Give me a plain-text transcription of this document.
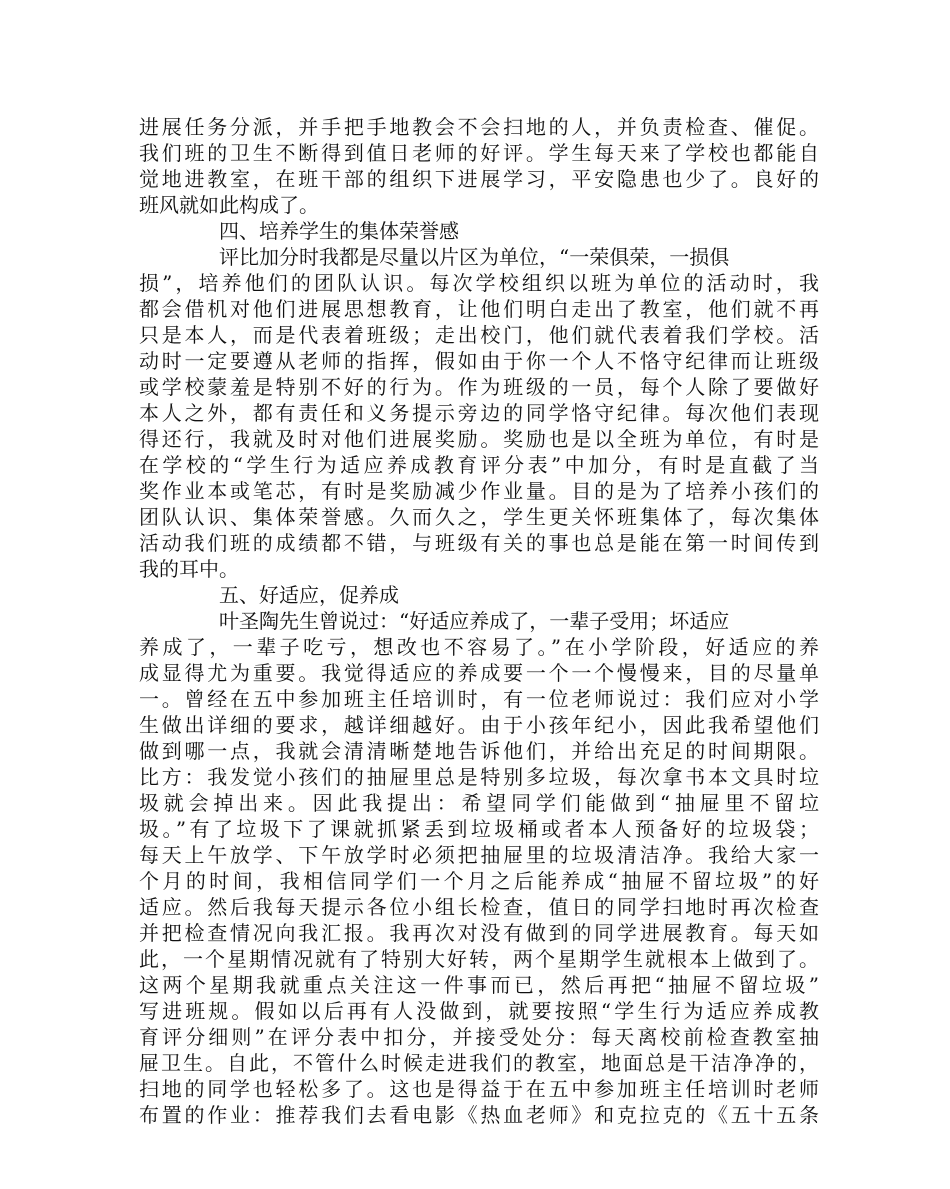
进展任务分派，并手把手地教会不会扫地的人，并负责检查、催促。
我们班的卫生不断得到值日老师的好评。学生每天来了学校也都能自
觉地进教室，在班干部的组织下进展学习，平安隐患也少了。良好的
班风就如此构成了。
四、培养学生的集体荣誉感
评比加分时我都是尽量以片区为单位，“一荣俱荣，一损俱
损”，培养他们的团队认识。每次学校组织以班为单位的活动时，我
都会借机对他们进展思想教育，让他们明白走出了教室，他们就不再
只是本人，而是代表着班级；走出校门，他们就代表着我们学校。活
动时一定要遵从老师的指挥，假如由于你一个人不恪守纪律而让班级
或学校蒙羞是特别不好的行为。作为班级的一员，每个人除了要做好
本人之外，都有责任和义务提示旁边的同学恪守纪律。每次他们表现
得还行，我就及时对他们进展奖励。奖励也是以全班为单位，有时是
在学校的“学生行为适应养成教育评分表”中加分，有时是直截了当
奖作业本或笔芯，有时是奖励减少作业量。目的是为了培养小孩们的
团队认识、集体荣誉感。久而久之，学生更关怀班集体了，每次集体
活动我们班的成绩都不错，与班级有关的事也总是能在第一时间传到
我的耳中。
五、好适应，促养成
叶圣陶先生曾说过：“好适应养成了，一辈子受用；坏适应
养成了，一辈子吃亏，想改也不容易了。”在小学阶段，好适应的养
成显得尤为重要。我觉得适应的养成要一个一个慢慢来，目的尽量单
一。曾经在五中参加班主任培训时，有一位老师说过：我们应对小学
生做出详细的要求，越详细越好。由于小孩年纪小，因此我希望他们
做到哪一点，我就会清清晰楚地告诉他们，并给出充足的时间期限。
比方：我发觉小孩们的抽屉里总是特别多垃圾，每次拿书本文具时垃
圾就会掉出来。因此我提出：希望同学们能做到“抽屉里不留垃
圾。”有了垃圾下了课就抓紧丢到垃圾桶或者本人预备好的垃圾袋；
每天上午放学、下午放学时必须把抽屉里的垃圾清洁净。我给大家一
个月的时间，我相信同学们一个月之后能养成“抽屉不留垃圾”的好
适应。然后我每天提示各位小组长检查，值日的同学扫地时再次检查
并把检查情况向我汇报。我再次对没有做到的同学进展教育。每天如
此，一个星期情况就有了特别大好转，两个星期学生就根本上做到了。
这两个星期我就重点关注这一件事而已，然后再把“抽屉不留垃圾”
写进班规。假如以后再有人没做到，就要按照“学生行为适应养成教
育评分细则”在评分表中扣分，并接受处分：每天离校前检查教室抽
屉卫生。自此，不管什么时候走进我们的教室，地面总是干洁净净的，
扫地的同学也轻松多了。这也是得益于在五中参加班主任培训时老师
布置的作业：推荐我们去看电影《热血老师》和克拉克的《五十五条
